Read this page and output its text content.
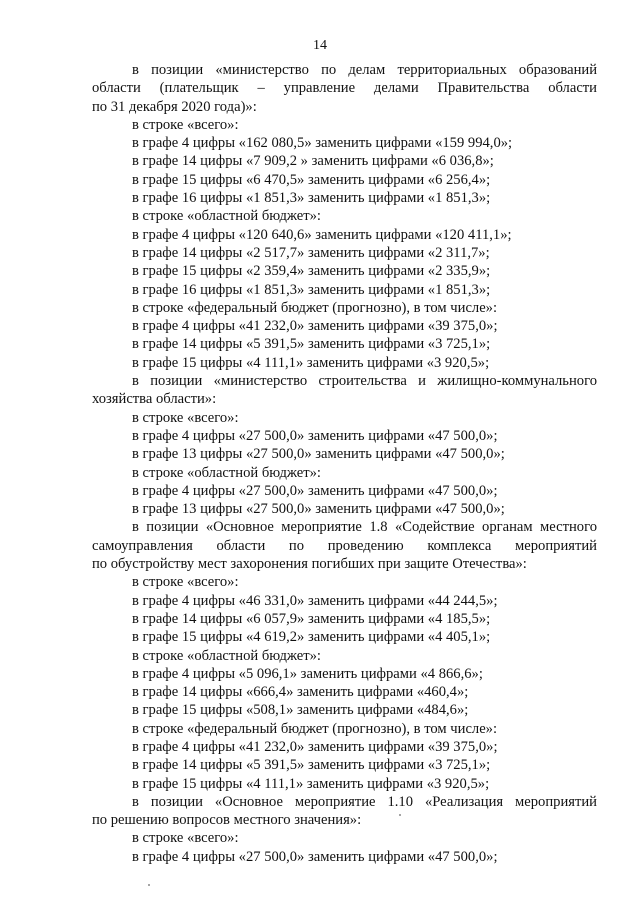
14
в позиции «министерство по делам территориальных образований
области (плательщик – управление делами Правительства области
по 31 декабря 2020 года)»:
в строке «всего»:
в графе 4 цифры «162 080,5» заменить цифрами «159 994,0»;
в графе 14 цифры «7 909,2 » заменить цифрами «6 036,8»;
в графе 15 цифры «6 470,5» заменить цифрами «6 256,4»;
в графе 16 цифры «1 851,3» заменить цифрами «1 851,3»;
в строке «областной бюджет»:
в графе 4 цифры «120 640,6» заменить цифрами «120 411,1»;
в графе 14 цифры «2 517,7» заменить цифрами «2 311,7»;
в графе 15 цифры «2 359,4» заменить цифрами «2 335,9»;
в графе 16 цифры «1 851,3» заменить цифрами «1 851,3»;
в строке «федеральный бюджет (прогнозно), в том числе»:
в графе 4 цифры «41 232,0» заменить цифрами «39 375,0»;
в графе 14 цифры «5 391,5» заменить цифрами «3 725,1»;
в графе 15 цифры «4 111,1» заменить цифрами «3 920,5»;
в позиции «министерство строительства и жилищно-коммунального
хозяйства области»:
в строке «всего»:
в графе 4 цифры «27 500,0» заменить цифрами «47 500,0»;
в графе 13 цифры «27 500,0» заменить цифрами «47 500,0»;
в строке «областной бюджет»:
в графе 4 цифры «27 500,0» заменить цифрами «47 500,0»;
в графе 13 цифры «27 500,0» заменить цифрами «47 500,0»;
в позиции «Основное мероприятие 1.8 «Содействие органам местного
самоуправления области по проведению комплекса мероприятий
по обустройству мест захоронения погибших при защите Отечества»:
в строке «всего»:
в графе 4 цифры «46 331,0» заменить цифрами «44 244,5»;
в графе 14 цифры «6 057,9» заменить цифрами «4 185,5»;
в графе 15 цифры «4 619,2» заменить цифрами «4 405,1»;
в строке «областной бюджет»:
в графе 4 цифры «5 096,1» заменить цифрами «4 866,6»;
в графе 14 цифры «666,4» заменить цифрами «460,4»;
в графе 15 цифры «508,1» заменить цифрами «484,6»;
в строке «федеральный бюджет (прогнозно), в том числе»:
в графе 4 цифры «41 232,0» заменить цифрами «39 375,0»;
в графе 14 цифры «5 391,5» заменить цифрами «3 725,1»;
в графе 15 цифры «4 111,1» заменить цифрами «3 920,5»;
в позиции «Основное мероприятие 1.10 «Реализация мероприятий
по решению вопросов местного значения»:
в строке «всего»:
в графе 4 цифры «27 500,0» заменить цифрами «47 500,0»;
